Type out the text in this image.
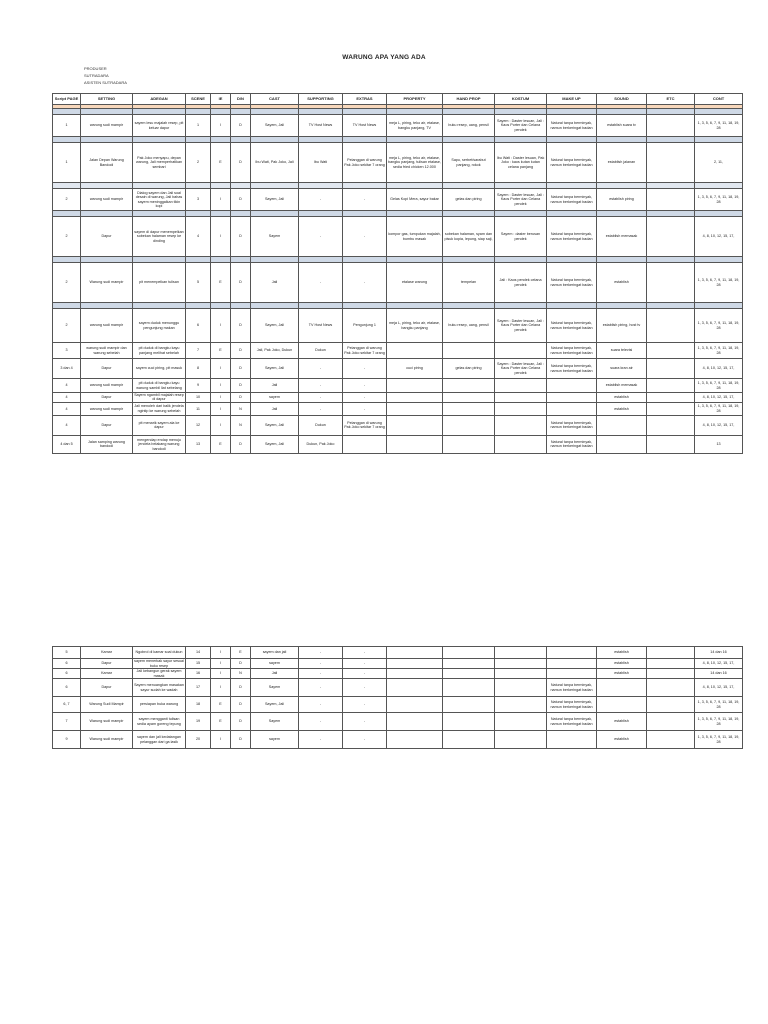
WARUNG APA YANG ADA
PRODUSER
SUTRADARA
ASISTEN SUTRADARA
Script PAGE	SETTING	ADEGAN	SCENE	IE	D/N	CAST	SUPPORTING	EXTRAS	PROPERTY	HAND PROP	KOSTUM	MAKE UP	SOUND	ETC	CONT

1	warung sudi mampir	sayem lesu majalah resep, pit keluar dapur	1	I	D	Sayem, Jali	TV Host News	TV Host News	meja L, piring, teko air, etalase, bangku panjang, TV	buku resep, uang, pensil	Sayem : Daster lesuan, Jali : Kaos Porter dan Celana pendek	Natural tanpa berminyak, namun berkeringat badan	establish suara tv		1, 3, 5, 6, 7, 9, 11, 18, 19, 28

1	Jalan Depan Warung Bandodi	Pak Joko menyapu, depan warung, Jali memperhatikan sembari	2	E	D	Ibu Wati, Pak Joko, Jali	Ibu Wati	Pelanggan di warung Pak Joko sekitar 7 orang	meja L, piring, teko air, etalase, bangku panjang, tulisan etalase, sedia fried chicken 12.000	Sapu, serbet/sarabut panjang, rokok	Ibu Wati : Daster lesuan, Pak Joko : kaos kutan kutan celana panjang	Natural tanpa berminyak, namun berkeringat badan	establish jalanan		2, 11,

2	warung sudi mampir	Dialog sayem dan Jali soal desain di warung, Jali bahas sayem meninggalkan tikin kopi	3	I	D	Sayem, Jali	-	-	Gelas Kopi Mera, sayur bakar	gelas dan piring	Sayem : Daster lesuan, Jali : Kaos Porter dan Celana pendek	Natural tanpa berminyak, namun berkeringat badan	establish piring		1, 3, 5, 6, 7, 9, 11, 18, 19, 28

2	Dapur	sayem di dapur menempelkan sobekan halaman resep ke dinding	4	I	D	Sayem	-	-	kompor gas, tumpukan majalah, bumbu masak	sobekan halaman, syam dan pisuk kopia, lepung, siap saji,	Sayem : daster berusan pendek	Natural tanpa berminyak, namun berkeringat badan	establish memasak		4, 8, 10, 12, 15, 17,

2	Warung sudi mampir	pit menempelkan tulisan	5	E	D	Jali	-	-	etalase warung	tempelan	Jali : Kaos pendek celana pendek	Natural tanpa berminyak, namun berkeringat badan	establish		1, 3, 5, 6, 7, 9, 11, 18, 19, 28

2	warung sudi mampir	sayem duduk menunggu pengunjung makan	6	I	D	Sayem, Jali	TV Host News	Pengunjung 1	meja L, piring, teko air, etalase, bangku panjang	buku resep, uang, pensil	Sayem : Daster lesuan, Jali : Kaos Porter dan Celana pendek	Natural tanpa berminyak, namun berkeringat badan	establish piring, host tv		1, 3, 5, 6, 7, 9, 11, 18, 19, 28
3	warung sudi mampir dan warung sebelah	pit duduk di bangku kayu panjang melihat sebelah	7	E	D	Jali, Pak Joko, Dukun	Dukun	Pelanggan di warung Pak Joko sekitar 7 orang				Natural tanpa berminyak, namun berkeringat badan	suara televisi		1, 3, 5, 6, 7, 9, 11, 18, 19, 28
3 dan 4	Dapur	sayem cuci piring, pit masuk	8	I	D	Sayem, Jali	-	-	cuci piring	gelas dan piring	Sayem : Daster lesuan, Jali : Kaos Porter dan Celana pendek	Natural tanpa berminyak, namun berkeringat badan	suara kran air		4, 8, 10, 12, 15, 17,
4	warung sudi mampir	pit duduk di bangku kayu warung sambil liat sebelang	9	I	D	Jali	-	-					establish memasak		1, 3, 5, 6, 7, 9, 11, 18, 19, 28
4	Dapur	Sayem ngambil majalah resep di dapur	10	I	D	sayem	-	-					establish		4, 8, 10, 12, 15, 17,
4	warung sudi mampir	Jali menoleh dari balik jendela ngintip ke warung sebelah	11	I	N	Jali	-	-					establish		1, 3, 5, 6, 7, 9, 11, 18, 19, 28
4	Dapur	pit menarik sayem ala ke dapur	12	I	N	Sayem, Jali	Dukun	Pelanggan di warung Pak Joko sekitar 7 orang				Natural tanpa berminyak, namun berkeringat badan			4, 8, 10, 12, 15, 17,
4 dan 5	Jalan samping warung bandodi	mengendap endap menuju jendela belakang warung bandodi	13	E	D	Sayem, Jali	Dukun, Pak Joko					Natural tanpa berminyak, namun berkeringat badan			13
5	Kamar	Ngobrol di kamar soal dukun	14	I	E	sayem dan jali	-	-					establish		14 dan 16
6	Dapur	sayem menerkak sayur sesuai buku resep	15	I	D	sayem	-	-					establish		4, 8, 10, 12, 15, 17,
6	Kamar	Jali kebangun gerak sayem masak	16	I	N	Jali	-	-					establish		14 dan 16
6	Dapur	Sayem menuangkan masakan sayur sudah ke wadah	17	I	D	Sayem	-	-				Natural tanpa berminyak, namun berkeringat badan			4, 8, 10, 12, 15, 17,
6, 7	Warung Sudi Mampir	persiapan buka warung	18	E	D	Sayem, Jali	-	-				Natural tanpa berminyak, namun berkeringat badan			1, 3, 5, 6, 7, 9, 11, 18, 19, 28
7	Warung sudi mampir	sayem mengganti tulisan sedia ayam goreng tepung	19	E	D	Sayem	-	-				Natural tanpa berminyak, namun berkeringat badan	establish		1, 3, 5, 6, 7, 9, 11, 18, 19, 28
9	Warung sudi mampir	sayem dan jali kedatangan pelanggan dari ga lasik	20	I	D	sayem	-	-					establish		1, 3, 5, 6, 7, 9, 11, 18, 19, 28
